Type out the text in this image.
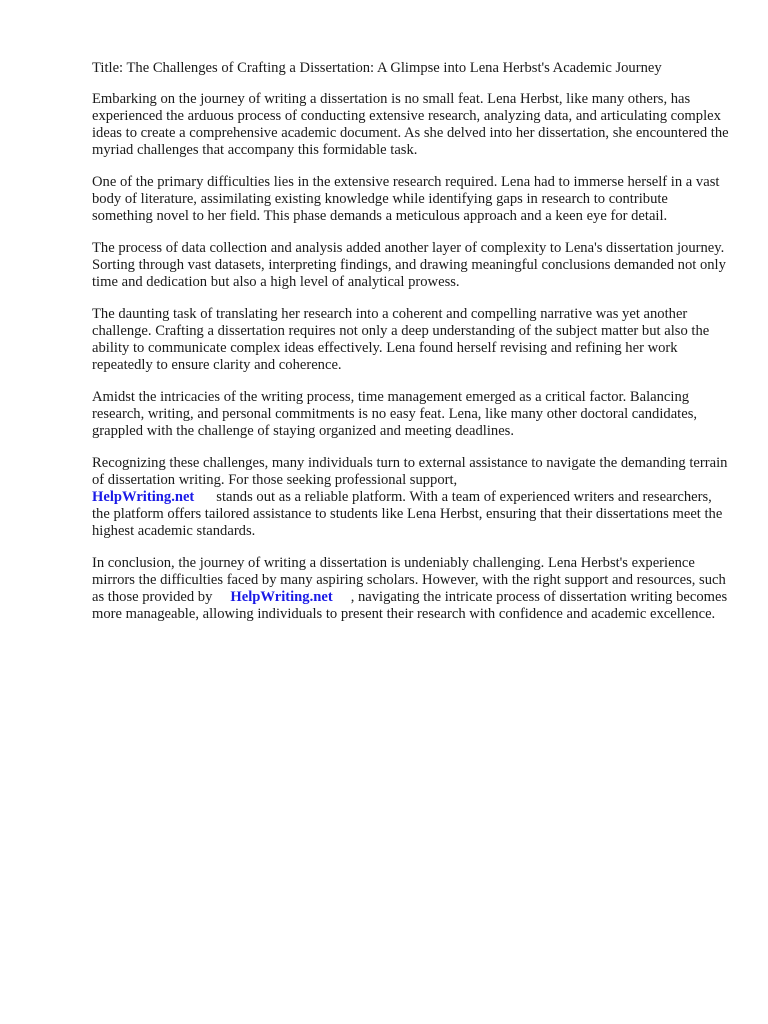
Title: The Challenges of Crafting a Dissertation: A Glimpse into Lena Herbst's Academic Journey

Embarking on the journey of writing a dissertation is no small feat. Lena Herbst, like many others, has experienced the arduous process of conducting extensive research, analyzing data, and articulating complex ideas to create a comprehensive academic document. As she delved into her dissertation, she encountered the myriad challenges that accompany this formidable task.

One of the primary difficulties lies in the extensive research required. Lena had to immerse herself in a vast body of literature, assimilating existing knowledge while identifying gaps in research to contribute something novel to her field. This phase demands a meticulous approach and a keen eye for detail.

The process of data collection and analysis added another layer of complexity to Lena's dissertation journey. Sorting through vast datasets, interpreting findings, and drawing meaningful conclusions demanded not only time and dedication but also a high level of analytical prowess.

The daunting task of translating her research into a coherent and compelling narrative was yet another challenge. Crafting a dissertation requires not only a deep understanding of the subject matter but also the ability to communicate complex ideas effectively. Lena found herself revising and refining her work repeatedly to ensure clarity and coherence.

Amidst the intricacies of the writing process, time management emerged as a critical factor. Balancing research, writing, and personal commitments is no easy feat. Lena, like many other doctoral candidates, grappled with the challenge of staying organized and meeting deadlines.

Recognizing these challenges, many individuals turn to external assistance to navigate the demanding terrain of dissertation writing. For those seeking professional support,
HelpWriting.net stands out as a reliable platform. With a team of experienced writers and researchers, the platform offers tailored assistance to students like Lena Herbst, ensuring that their dissertations meet the highest academic standards.

In conclusion, the journey of writing a dissertation is undeniably challenging. Lena Herbst's experience mirrors the difficulties faced by many aspiring scholars. However, with the right support and resources, such as those provided by HelpWriting.net , navigating the intricate process of dissertation writing becomes more manageable, allowing individuals to present their research with confidence and academic excellence.
